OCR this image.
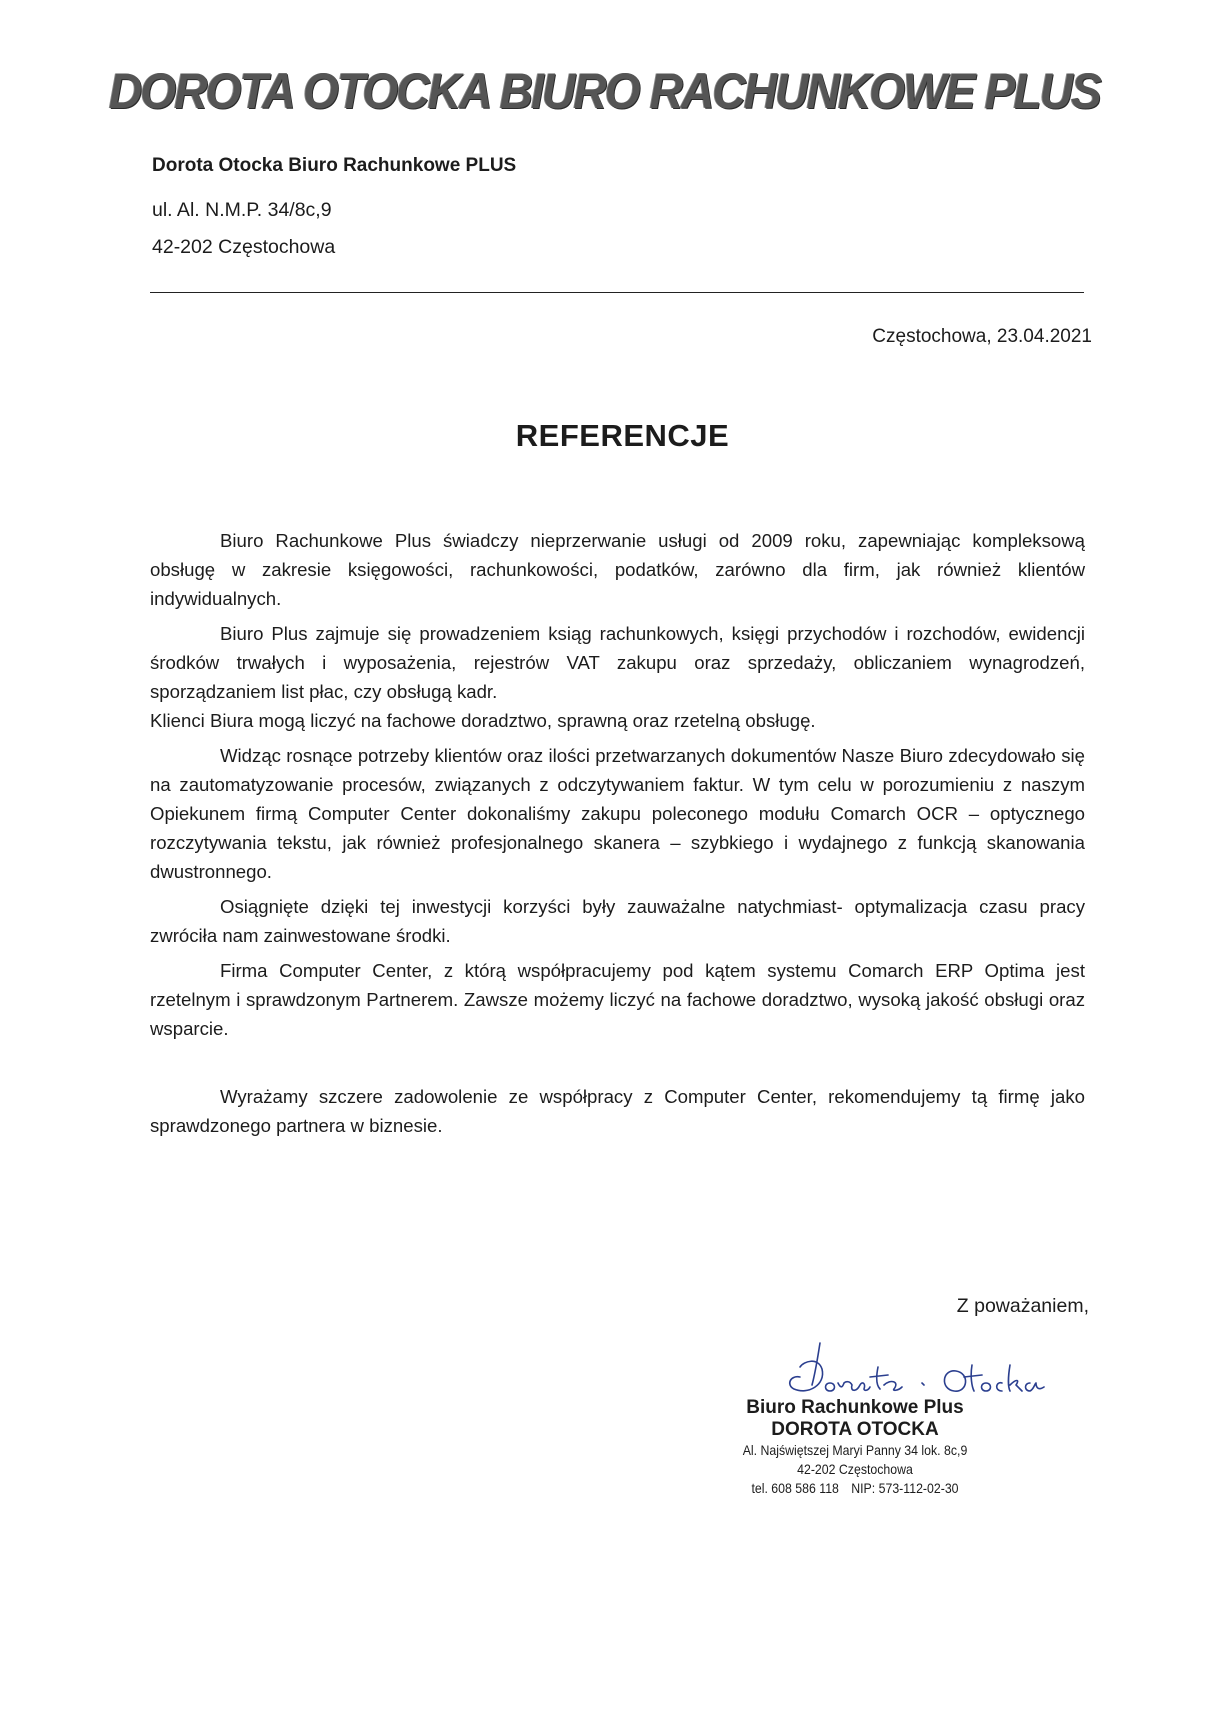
DOROTA OTOCKA BIURO RACHUNKOWE PLUS
Dorota Otocka Biuro Rachunkowe PLUS
ul. Al. N.M.P. 34/8c,9
42-202 Częstochowa
Częstochowa, 23.04.2021
REFERENCJE

Biuro Rachunkowe Plus świadczy nieprzerwanie usługi od 2009 roku, zapewniając kompleksową obsługę w zakresie księgowości, rachunkowości, podatków, zarówno dla firm, jak również klientów indywidualnych.

Biuro Plus zajmuje się prowadzeniem ksiąg rachunkowych, księgi przychodów i rozchodów, ewidencji środków trwałych i wyposażenia, rejestrów VAT zakupu oraz sprzedaży, obliczaniem wynagrodzeń, sporządzaniem list płac, czy obsługą kadr.

Klienci Biura mogą liczyć na fachowe doradztwo, sprawną oraz rzetelną obsługę.

Widząc rosnące potrzeby klientów oraz ilości przetwarzanych dokumentów Nasze Biuro zdecydowało się na zautomatyzowanie procesów, związanych z odczytywaniem faktur. W tym celu w porozumieniu z naszym Opiekunem firmą Computer Center dokonaliśmy zakupu poleconego modułu Comarch OCR – optycznego rozczytywania tekstu, jak również profesjonalnego skanera – szybkiego i wydajnego z funkcją skanowania dwustronnego.

Osiągnięte dzięki tej inwestycji korzyści były zauważalne natychmiast- optymalizacja czasu pracy zwróciła nam zainwestowane środki.

Firma Computer Center, z którą współpracujemy pod kątem systemu Comarch ERP Optima jest rzetelnym i sprawdzonym Partnerem. Zawsze możemy liczyć na fachowe doradztwo, wysoką jakość obsługi oraz wsparcie.

Wyrażamy szczere zadowolenie ze współpracy z Computer Center, rekomendujemy tą firmę jako sprawdzonego partnera w biznesie.

Z poważaniem,
Biuro Rachunkowe Plus
DOROTA OTOCKA
Al. Najświętszej Maryi Panny 34 lok. 8c,9
42-202 Częstochowa
tel. 608 586 118 NIP: 573-112-02-30
